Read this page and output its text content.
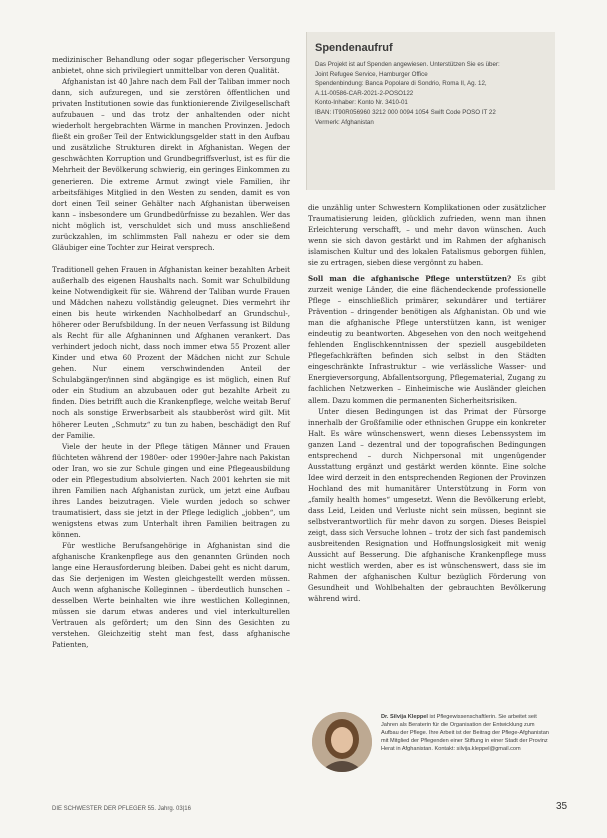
medizinischer Behandlung oder sogar pflegerischer Versorgung anbietet, ohne sich privilegiert unmittelbar von deren Qualität.

Afghanistan ist 40 Jahre nach dem Fall der Taliban immer noch dann, sich aufzuregen, und sie zerstören öffentlichen und privaten Institutionen sowie das funktionierende Zivilgesellschaft aufzubauen – und das trotz der anhaltenden oder nicht wiederholt hergebrachten Wärme in manchen Provinzen. Jedoch fließt ein großer Teil der Entwicklungsgelder statt in den Aufbau und zusätzliche Strukturen direkt in Afghanistan. Wegen der geschwächten Korruption und Grundbegriffsverlust, ist es für die Mehrheit der Bevölkerung schwierig, ein geringes Einkommen zu generieren. Die extreme Armut zwingt viele Familien, ihr arbeitsfähiges Mitglied in den Westen zu senden, damit es von dort einen Teil seiner Gehälter nach Afghanistan überweisen kann – insbesondere um Grundbedürfnisse zu bezahlen. Wer das nicht möglich ist, verschuldet sich und muss anschließend zurückzahlen, im schlimmsten Fall nahezu er oder sie dem Gläubiger eine Tochter zur Heirat versprech.

Traditionell gehen Frauen in Afghanistan keiner bezahlten Arbeit außerhalb des eigenen Haushalts nach. Somit war Schulbildung keine Notwendigkeit für sie. Während der Taliban wurde Frauen und Mädchen nahezu vollständig geleugnet. Dies vermehrt ihr einen bis heute wirkenden Nachholbedarf an Grundschul-, höherer oder Berufsbildung. In der neuen Verfassung ist Bildung als Recht für alle Afghaninnen und Afghanen verankert. Das verhindert jedoch nicht, dass noch immer etwa 55 Prozent aller Kinder und etwa 60 Prozent der Mädchen nicht zur Schule gehen. Nur einem verschwindenden Anteil der Schulabgänger/innen sind abgängige es ist möglich, einen Ruf oder ein Studium an abzubauen oder gut bezahlte Arbeit zu finden. Dies betrifft auch die Krankenpflege, welche weitab Beruf noch als sonstige Erwerbsarbeit als staubberöst wird gilt. Mit höherer Leuten „Schmutz“ zu tun zu haben, beschädigt den Ruf der Familie.

Viele der heute in der Pflege tätigen Männer und Frauen flüchteten während der 1980er- oder 1990er-Jahre nach Pakistan oder Iran, wo sie zur Schule gingen und eine Pflegeausbildung oder ein Pflegestudium absolvierten. Nach 2001 kehrten sie mit ihren Familien nach Afghanistan zurück, um jetzt eine Aufbau ihres Landes beizutragen. Viele wurden jedoch so schwer traumatisiert, dass sie jetzt in der Pflege lediglich „jobben“, um wenigstens etwas zum Unterhalt ihren Familien beitragen zu können.

Für westliche Berufsangehörige in Afghanistan sind die afghanische Krankenpflege aus den genannten Gründen noch lange eine Herausforderung bleiben. Dabei geht es nicht darum, das Sie derjenigen im Westen gleichgestellt werden müssen. Auch wenn afghanische Kolleginnen – überdeutlich hunschen – desselben Werte beinhalten wie ihre westlichen Kolleginnen, müssen sie darum etwas anderes und viel interkulturellen Vertrauen als gefördert; um den Sinn des Gesichten zu verstehen. Gleichzeitig steht man fest, dass afghanische Patienten,

Spendenaufruf
Das Projekt ist auf Spenden angewiesen. Unterstützen Sie es über:
Joint Refugee Service, Hamburger Office
Spendenbindung: Banca Popolare di Sondrio, Roma II, Ag. 12,
A.11-00586-CAR-2021-2-POSO122
Konto-Inhaber: Konto Nr. 3410-01
IBAN: IT90R056960 3212 000 0094 1054 Swift Code POSO IT 22
Vermerk: Afghanistan

die unzählig unter Schwestern Komplikationen oder zusätzlicher Traumatisierung leiden, glücklich zufrieden, wenn man ihnen Erleichterung verschafft, – und mehr davon wünschen. Auch wenn sie sich davon gestärkt und im Rahmen der afghanisch islamischen Kultur und des lokalen Fatalismus geborgen fühlen, sie zu ertragen, sieben diese vergönnt zu haben.

Soll man die afghanische Pflege unterstützen? Es gibt zurzeit wenige Länder, die eine flächendeckende professionelle Pflege – einschließlich primärer, sekundärer und tertiärer Prävention – dringender benötigen als Afghanistan. Ob und wie man die afghanische Pflege unterstützen kann, ist weniger eindeutig zu beantworten. Abgesehen von den noch weitgehend fehlenden Englischkenntnissen der speziell ausgebildeten Pflegefachkräften befinden sich selbst in den Städten eingeschränkte Infrastruktur – wie verlässliche Wasser- und Energieversorgung, Abfallentsorgung, Pflegematerial, Zugang zu fachlichen Netzwerken – Einheimische wie Ausländer gleichen allem. Dazu kommen die permanenten Sicherheitsrisiken.

Unter diesen Bedingungen ist das Primat der Fürsorge innerhalb der Großfamilie oder ethnischen Gruppe ein konkreter Halt. Es wäre wünschenswert, wenn dieses Lebenssystem im ganzen Land – dezentral und der topografischen Bedingungen entsprechend – durch Nichpersonal mit ungenügender Ausstattung ergänzt und gestärkt werden könnte. Eine solche Idee wird derzeit in den entsprechenden Regionen der Provinzen Hochland des mit humanitärer Unterstützung in Form von „family health homes“ umgesetzt. Wenn die Bevölkerung erlebt, dass Leid, Leiden und Verluste nicht sein müssen, beginnt sie selbstverantwortlich für mehr davon zu sorgen. Dieses Beispiel zeigt, dass sich Versuche lohnen – trotz der sich fast pandemisch ausbreitenden Resignation und Hoffnungslosigkeit mit wenig Aussicht auf Besserung. Die afghanische Krankenpflege muss nicht westlich werden, aber es ist wünschenswert, dass sie im Rahmen der afghanischen Kultur bezüglich Förderung von Gesundheit und Wohlbehalten der gebrauchten Bevölkerung während wird.

Dr. Silvija Kleppel ist Pflegewissenschaftlerin. Sie arbeitet seit Jahren als Beraterin für die Organisation der Entwicklung zum Aufbau der Pflege. Ihre Arbeit ist der Beitrag der Pflege-Afghanistan mit Mitglied der Pflegenden einer Stiftung in einer Stadt der Provinz Herat in Afghanistan. Kontakt: silvija.kleppel@gmail.com
DIE SCHWESTER DER PFLEGER 55. Jahrg. 03|16	35
